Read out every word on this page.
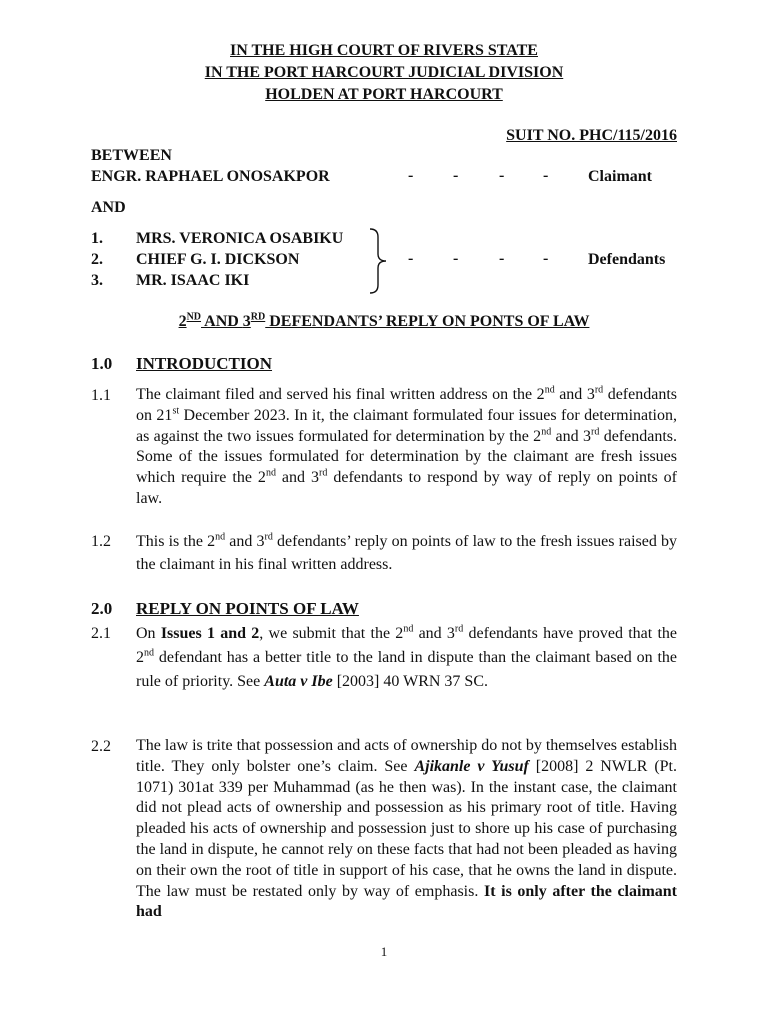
IN THE HIGH COURT OF RIVERS STATE
IN THE PORT HARCOURT JUDICIAL DIVISION
HOLDEN AT PORT HARCOURT
SUIT NO. PHC/115/2016
BETWEEN
ENGR. RAPHAEL ONOSAKPOR	- -	- - Claimant
AND
1. MRS. VERONICA OSABIKU
2. CHIEF G. I. DICKSON
3. MR. ISAAC IKI
- -	- - Defendants
2ND AND 3RD DEFENDANTS’ REPLY ON PONTS OF LAW
1.0 INTRODUCTION
1.1 The claimant filed and served his final written address on the 2nd and 3rd defendants on 21st December 2023. In it, the claimant formulated four issues for determination, as against the two issues formulated for determination by the 2nd and 3rd defendants. Some of the issues formulated for determination by the claimant are fresh issues which require the 2nd and 3rd defendants to respond by way of reply on points of law.
1.2 This is the 2nd and 3rd defendants’ reply on points of law to the fresh issues raised by the claimant in his final written address.
2.0 REPLY ON POINTS OF LAW
2.1 On Issues 1 and 2, we submit that the 2nd and 3rd defendants have proved that the 2nd defendant has a better title to the land in dispute than the claimant based on the rule of priority. See Auta v Ibe [2003] 40 WRN 37 SC.
2.2 The law is trite that possession and acts of ownership do not by themselves establish title. They only bolster one’s claim. See Ajikanle v Yusuf [2008] 2 NWLR (Pt. 1071) 301at 339 per Muhammad (as he then was). In the instant case, the claimant did not plead acts of ownership and possession as his primary root of title. Having pleaded his acts of ownership and possession just to shore up his case of purchasing the land in dispute, he cannot rely on these facts that had not been pleaded as having on their own the root of title in support of his case, that he owns the land in dispute. The law must be restated only by way of emphasis. It is only after the claimant had
1
